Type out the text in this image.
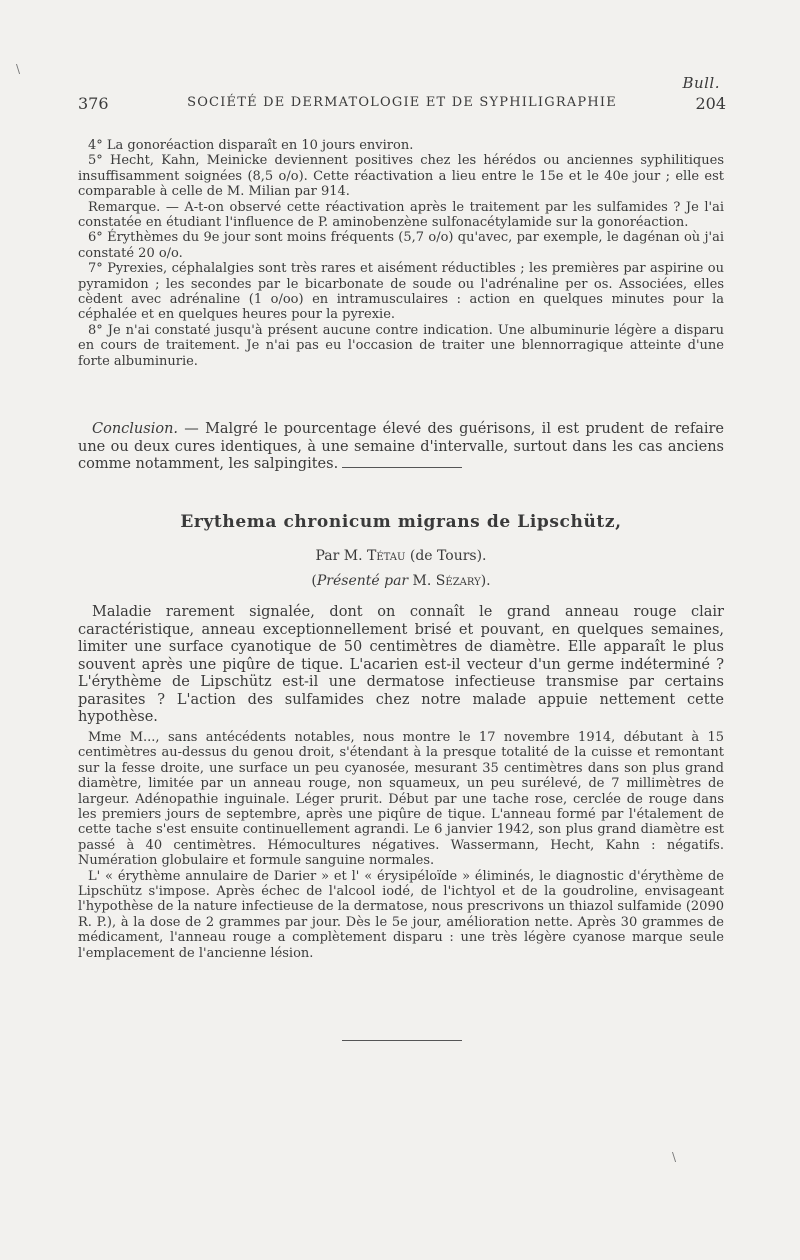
\
Bull.
376	SOCIÉTÉ DE DERMATOLOGIE ET DE SYPHILIGRAPHIE	204

4° La gonoréaction disparaît en 10 jours environ.

5° Hecht, Kahn, Meinicke deviennent positives chez les hérédos ou anciennes syphilitiques insuffisamment soignées (8,5 o/o). Cette réactivation a lieu entre le 15e et le 40e jour ; elle est comparable à celle de M. Milian par 914.

Remarque. — A-t-on observé cette réactivation après le traitement par les sulfamides ? Je l'ai constatée en étudiant l'influence de P. aminobenzène sulfonacétylamide sur la gonoréaction.

6° Érythèmes du 9e jour sont moins fréquents (5,7 o/o) qu'avec, par exemple, le dagénan où j'ai constaté 20 o/o.

7° Pyrexies, céphalalgies sont très rares et aisément réductibles ; les premières par aspirine ou pyramidon ; les secondes par le bicarbonate de soude ou l'adrénaline per os. Associées, elles cèdent avec adrénaline (1 o/oo) en intramusculaires : action en quelques minutes pour la céphalée et en quelques heures pour la pyrexie.

8° Je n'ai constaté jusqu'à présent aucune contre indication. Une albuminurie légère a disparu en cours de traitement. Je n'ai pas eu l'occasion de traiter une blennorragique atteinte d'une forte albuminurie.

Conclusion. — Malgré le pourcentage élevé des guérisons, il est prudent de refaire une ou deux cures identiques, à une semaine d'intervalle, surtout dans les cas anciens comme notamment, les salpingites.

Erythema chronicum migrans de Lipschütz,
Par M. Tétau (de Tours).
(Présenté par M. Sézary).

Maladie rarement signalée, dont on connaît le grand anneau rouge clair caractéristique, anneau exceptionnellement brisé et pouvant, en quelques semaines, limiter une surface cyanotique de 50 centimètres de diamètre. Elle apparaît le plus souvent après une piqûre de tique. L'acarien est-il vecteur d'un germe indéterminé ? L'érythème de Lipschütz est-il une dermatose infectieuse transmise par certains parasites ? L'action des sulfamides chez notre malade appuie nettement cette hypothèse.

Mme M..., sans antécédents notables, nous montre le 17 novembre 1914, débutant à 15 centimètres au-dessus du genou droit, s'étendant à la presque totalité de la cuisse et remontant sur la fesse droite, une surface un peu cyanosée, mesurant 35 centimètres dans son plus grand diamètre, limitée par un anneau rouge, non squameux, un peu surélevé, de 7 millimètres de largeur. Adénopathie inguinale. Léger prurit. Début par une tache rose, cerclée de rouge dans les premiers jours de septembre, après une piqûre de tique. L'anneau formé par l'étalement de cette tache s'est ensuite continuellement agrandi. Le 6 janvier 1942, son plus grand diamètre est passé à 40 centimètres. Hémocultures négatives. Wassermann, Hecht, Kahn : négatifs. Numération globulaire et formule sanguine normales.

L' « érythème annulaire de Darier » et l' « érysipéloïde » éliminés, le diagnostic d'érythème de Lipschütz s'impose. Après échec de l'alcool iodé, de l'ichtyol et de la goudroline, envisageant l'hypothèse de la nature infectieuse de la dermatose, nous prescrivons un thiazol sulfamide (2090 R. P.), à la dose de 2 grammes par jour. Dès le 5e jour, amélioration nette. Après 30 grammes de médicament, l'anneau rouge a complètement disparu : une très légère cyanose marque seule l'emplacement de l'ancienne lésion.

\
